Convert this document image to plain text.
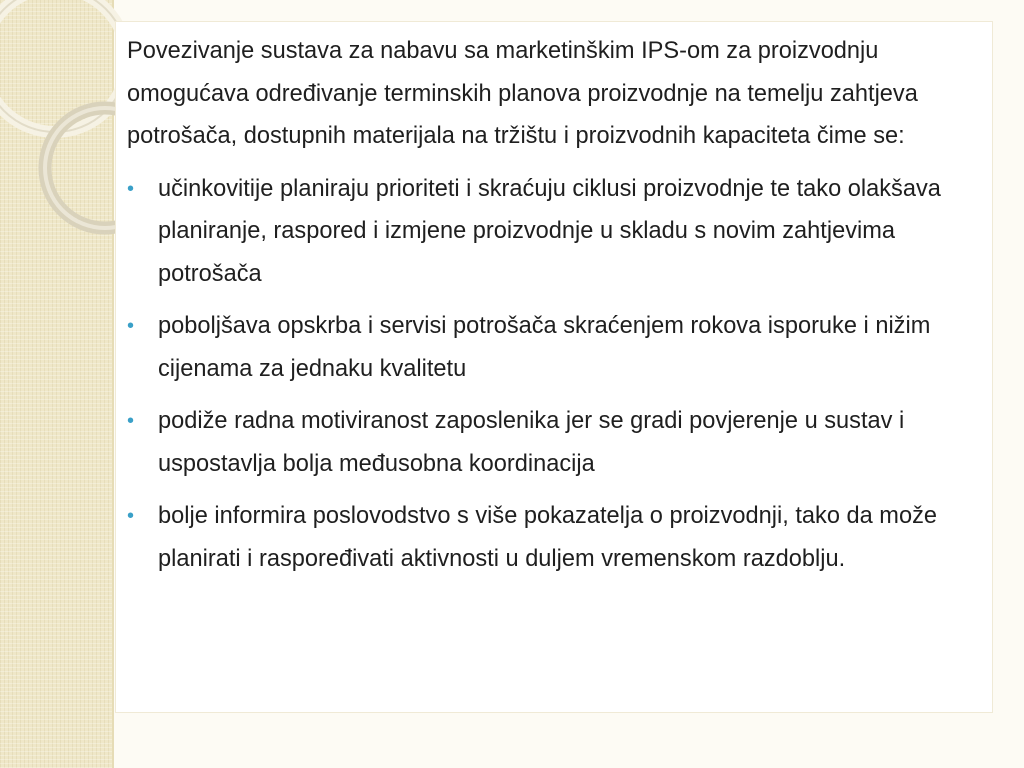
Povezivanje sustava za nabavu sa marketinškim IPS-om za proizvodnju omogućava određivanje terminskih planova proizvodnje na temelju zahtjeva potrošača, dostupnih materijala na tržištu i proizvodnih kapaciteta čime se:

• učinkovitije planiraju prioriteti i skraćuju ciklusi proizvodnje te tako olakšava planiranje, raspored i izmjene proizvodnje u skladu s novim zahtjevima potrošača
• poboljšava opskrba i servisi potrošača skraćenjem rokova isporuke i nižim cijenama za jednaku kvalitetu
• podiže radna motiviranost zaposlenika jer se gradi povjerenje u sustav i uspostavlja bolja međusobna koordinacija
• bolje informira poslovodstvo s više pokazatelja o proizvodnji, tako da može planirati i raspoređivati aktivnosti u duljem vremenskom razdoblju.
